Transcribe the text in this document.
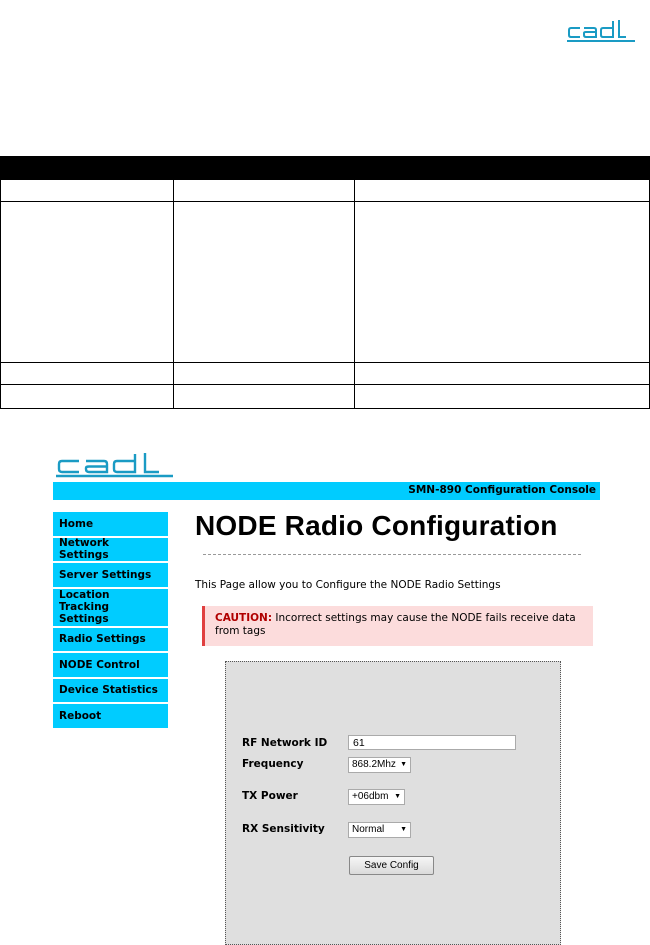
SMN-890 Configuration Console
Home
Network Settings
Server Settings
Location Tracking Settings
Radio Settings
NODE Control
Device Statistics
Reboot
NODE Radio Configuration
This Page allow you to Configure the NODE Radio Settings
CAUTION: Incorrect settings may cause the NODE fails receive data from tags
RF Network ID	61
Frequency	868.2Mhz ▼
TX Power	+06dbm ▼
RX Sensitivity	Normal ▼
Save Config
